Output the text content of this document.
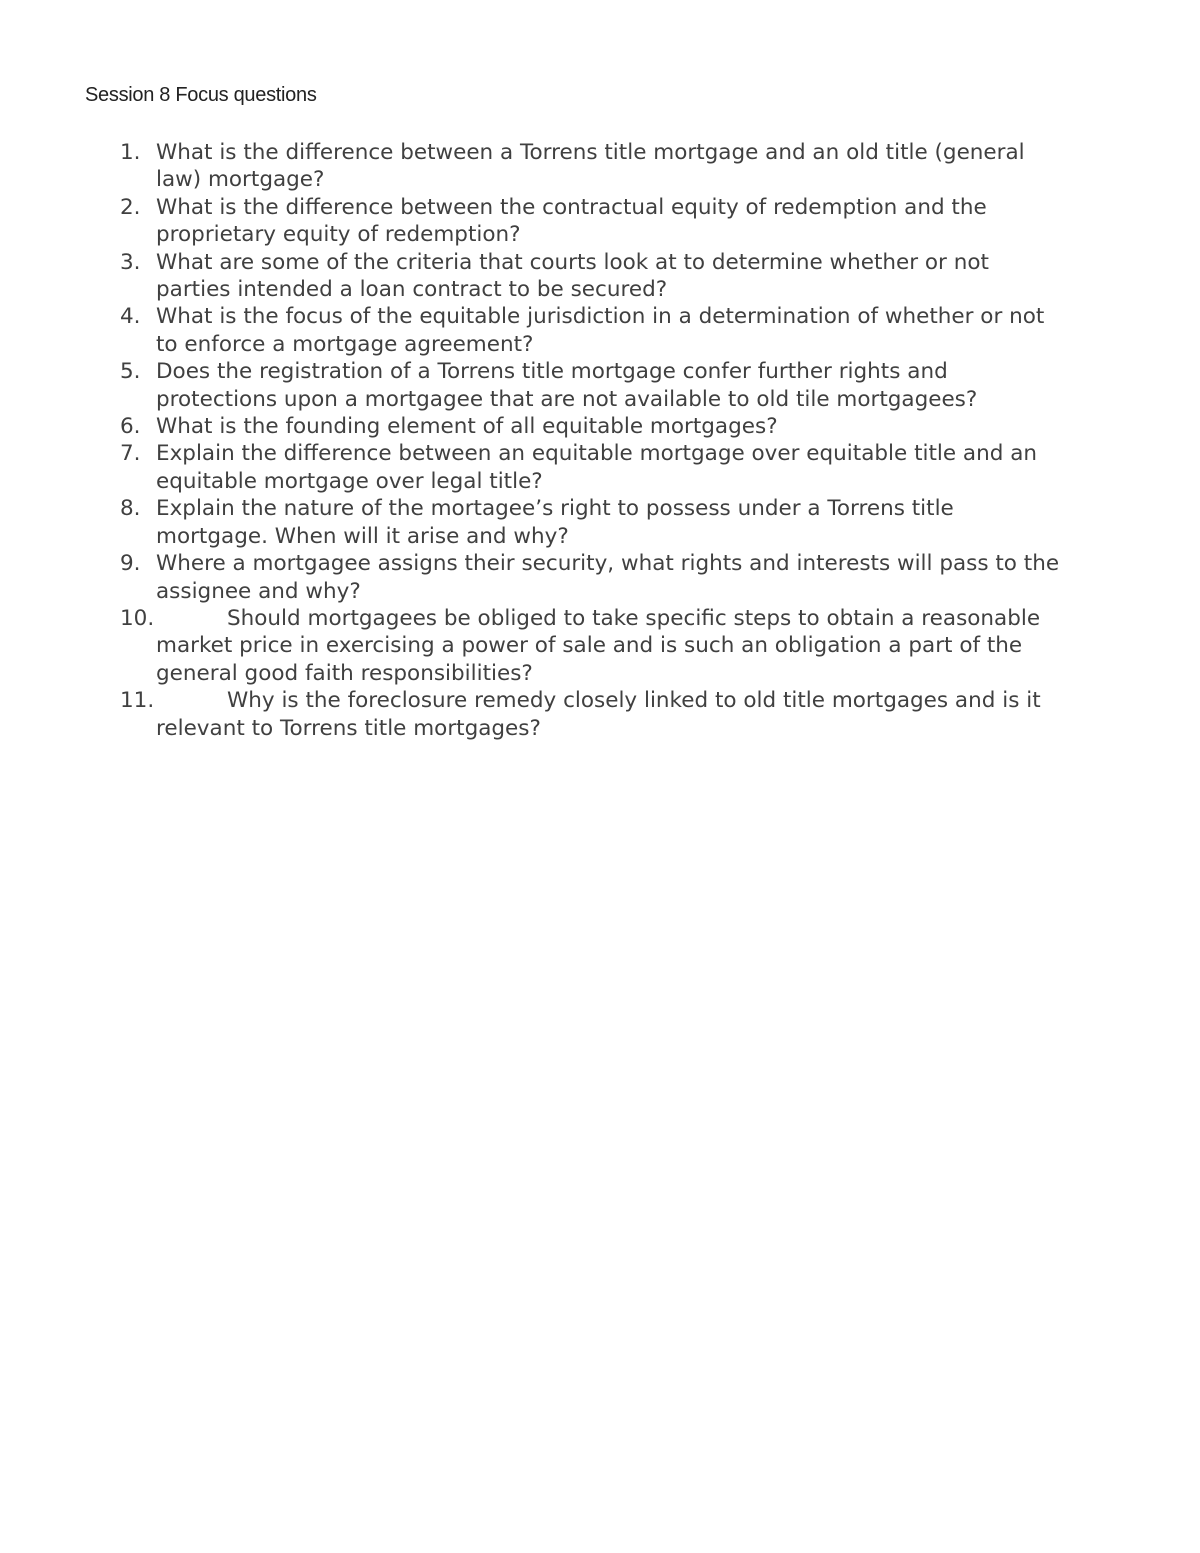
Session 8 Focus questions
1. What is the difference between a Torrens title mortgage and an old title (general law) mortgage?
2. What is the difference between the contractual equity of redemption and the proprietary equity of redemption?
3. What are some of the criteria that courts look at to determine whether or not parties intended a loan contract to be secured?
4. What is the focus of the equitable jurisdiction in a determination of whether or not to enforce a mortgage agreement?
5. Does the registration of a Torrens title mortgage confer further rights and protections upon a mortgagee that are not available to old tile mortgagees?
6. What is the founding element of all equitable mortgages?
7. Explain the difference between an equitable mortgage over equitable title and an equitable mortgage over legal title?
8. Explain the nature of the mortagee’s right to possess under a Torrens title mortgage. When will it arise and why?
9. Where a mortgagee assigns their security, what rights and interests will pass to the assignee and why?
10.	Should mortgagees be obliged to take specific steps to obtain a reasonable market price in exercising a power of sale and is such an obligation a part of the general good faith responsibilities?
11.	Why is the foreclosure remedy closely linked to old title mortgages and is it relevant to Torrens title mortgages?
